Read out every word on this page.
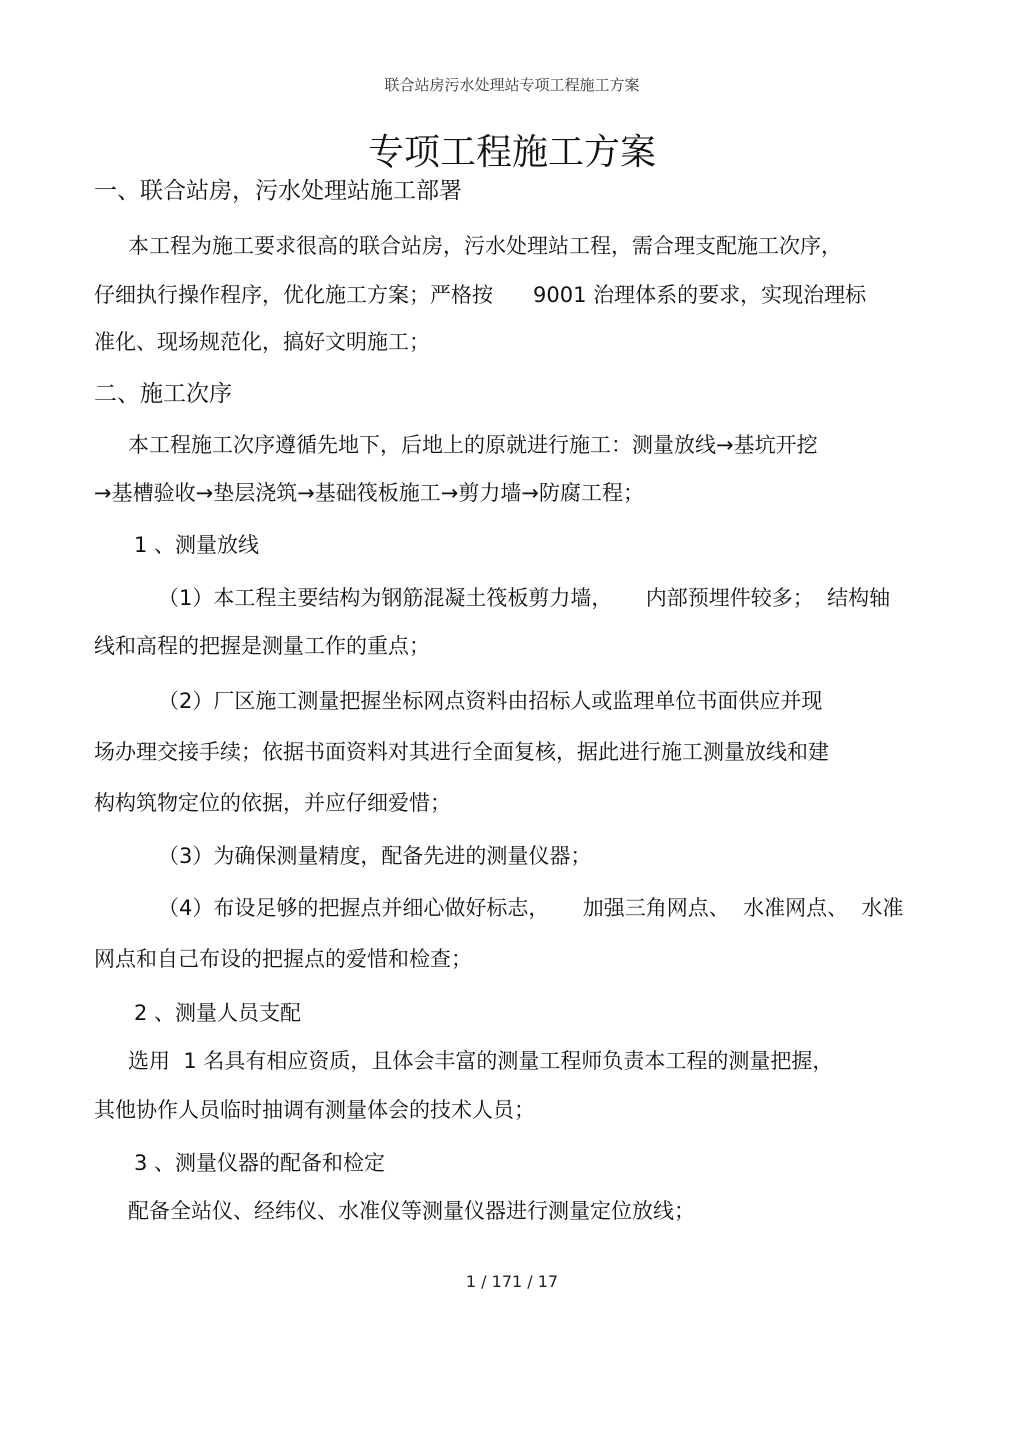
联合站房污水处理站专项工程施工方案
专项工程施工方案
一、联合站房，污水处理站施工部署
本工程为施工要求很高的联合站房，污水处理站工程，需合理支配施工次序，
仔细执行操作程序，优化施工方案；严格按      9001 治理体系的要求，实现治理标
准化、现场规范化，搞好文明施工；
二、施工次序
本工程施工次序遵循先地下，后地上的原就进行施工：测量放线→基坑开挖
→基槽验收→垫层浇筑→基础筏板施工→剪力墙→防腐工程；
1 、测量放线
（1）本工程主要结构为钢筋混凝土筏板剪力墙，     内部预埋件较多；  结构轴
线和高程的把握是测量工作的重点；
（2）厂区施工测量把握坐标网点资料由招标人或监理单位书面供应并现
场办理交接手续；依据书面资料对其进行全面复核，据此进行施工测量放线和建
构构筑物定位的依据，并应仔细爱惜；
（3）为确保测量精度，配备先进的测量仪器；
（4）布设足够的把握点并细心做好标志，     加强三角网点、  水准网点、  水准
网点和自己布设的把握点的爱惜和检查；
2 、测量人员支配
选用  1 名具有相应资质，且体会丰富的测量工程师负责本工程的测量把握，
其他协作人员临时抽调有测量体会的技术人员；
3 、测量仪器的配备和检定
配备全站仪、经纬仪、水准仪等测量仪器进行测量定位放线；
1 / 171 / 17
